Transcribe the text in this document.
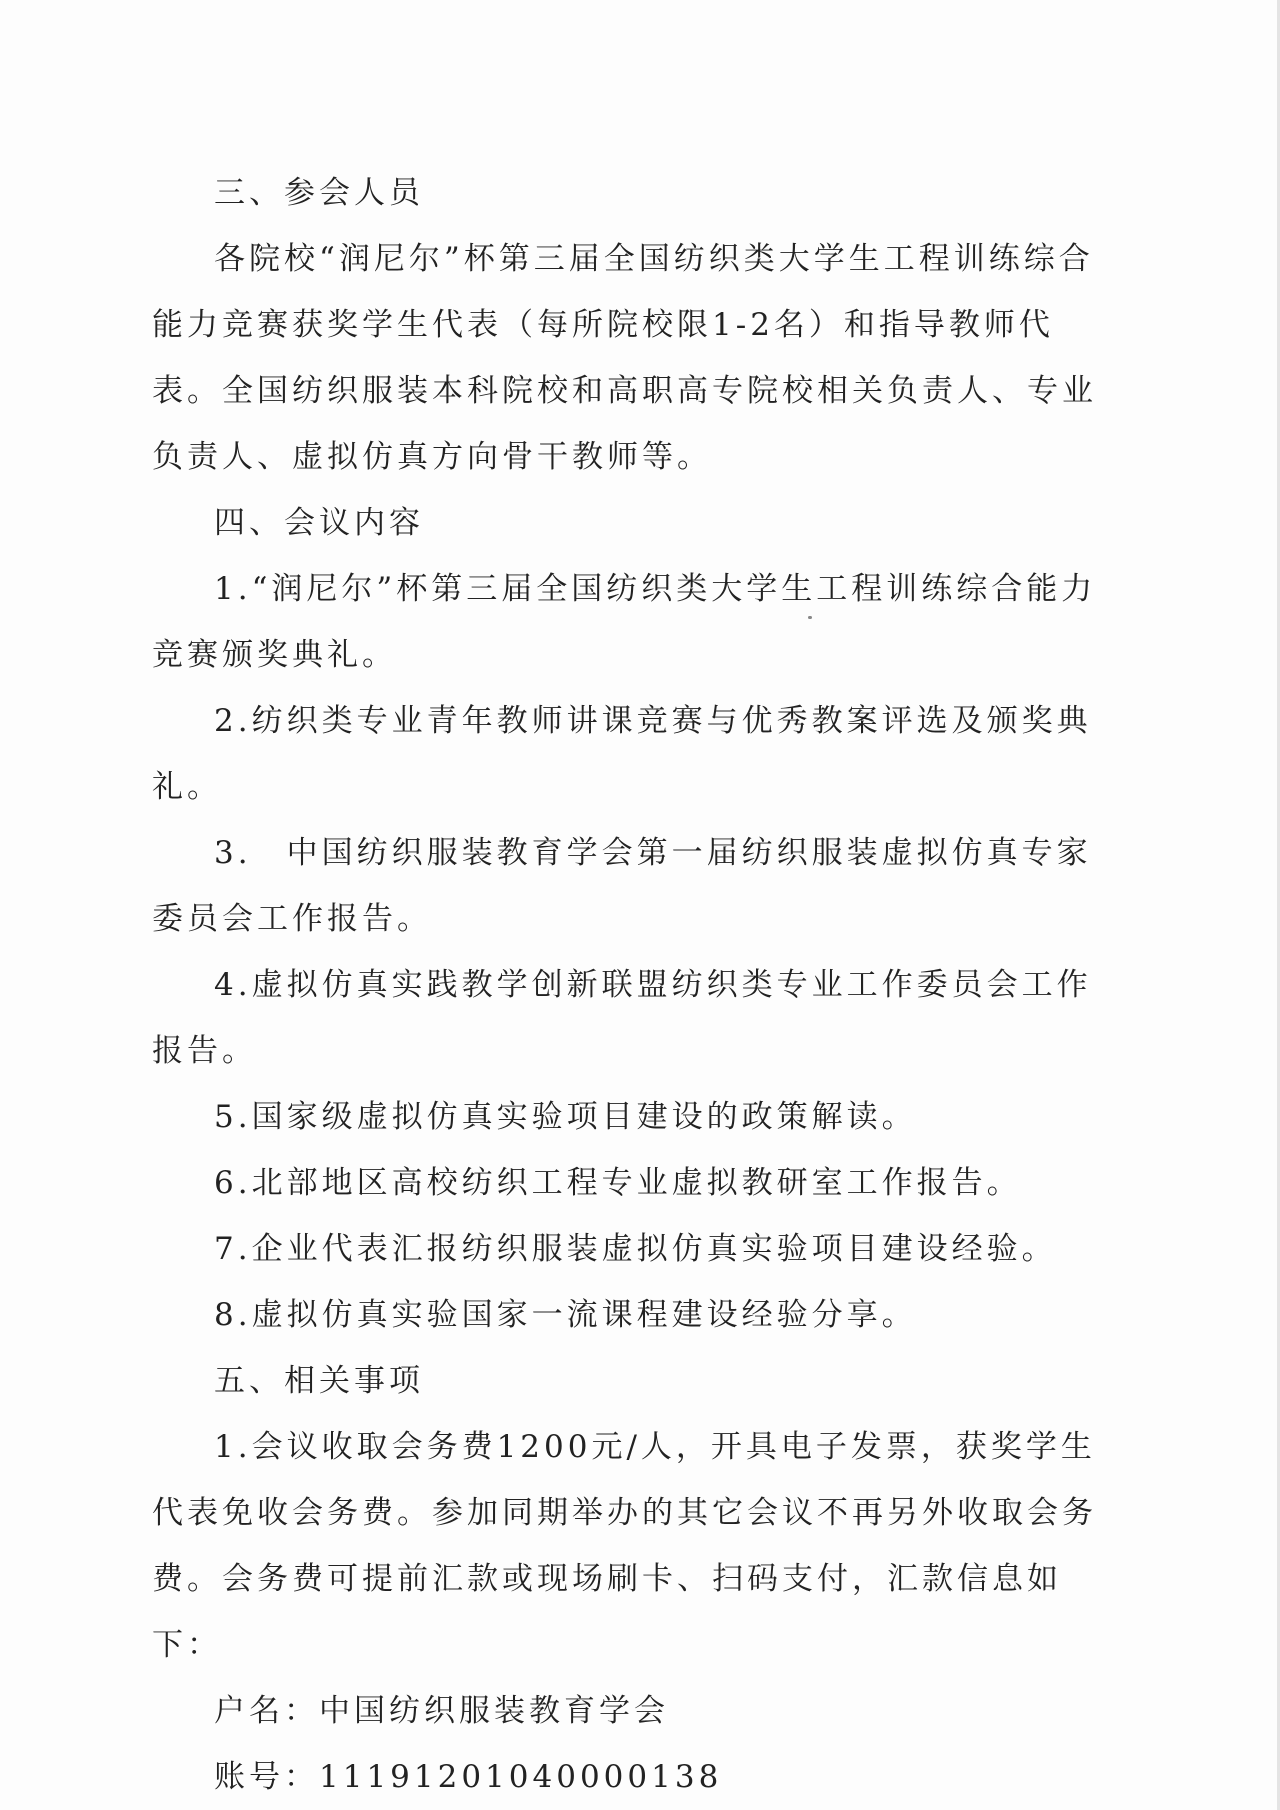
三、参会人员

各院校“润尼尔”杯第三届全国纺织类大学生工程训练综合能力竞赛获奖学生代表（每所院校限1-2名）和指导教师代表。全国纺织服装本科院校和高职高专院校相关负责人、专业负责人、虚拟仿真方向骨干教师等。

四、会议内容

1.“润尼尔”杯第三届全国纺织类大学生工程训练综合能力竞赛颁奖典礼。

2.纺织类专业青年教师讲课竞赛与优秀教案评选及颁奖典礼。

3.　中国纺织服装教育学会第一届纺织服装虚拟仿真专家委员会工作报告。

4.虚拟仿真实践教学创新联盟纺织类专业工作委员会工作报告。

5.国家级虚拟仿真实验项目建设的政策解读。

6.北部地区高校纺织工程专业虚拟教研室工作报告。

7.企业代表汇报纺织服装虚拟仿真实验项目建设经验。

8.虚拟仿真实验国家一流课程建设经验分享。

五、相关事项

1.会议收取会务费1200元/人，开具电子发票，获奖学生代表免收会务费。参加同期举办的其它会议不再另外收取会务费。会务费可提前汇款或现场刷卡、扫码支付，汇款信息如下：

户名：中国纺织服装教育学会

账号：11191201040000138
